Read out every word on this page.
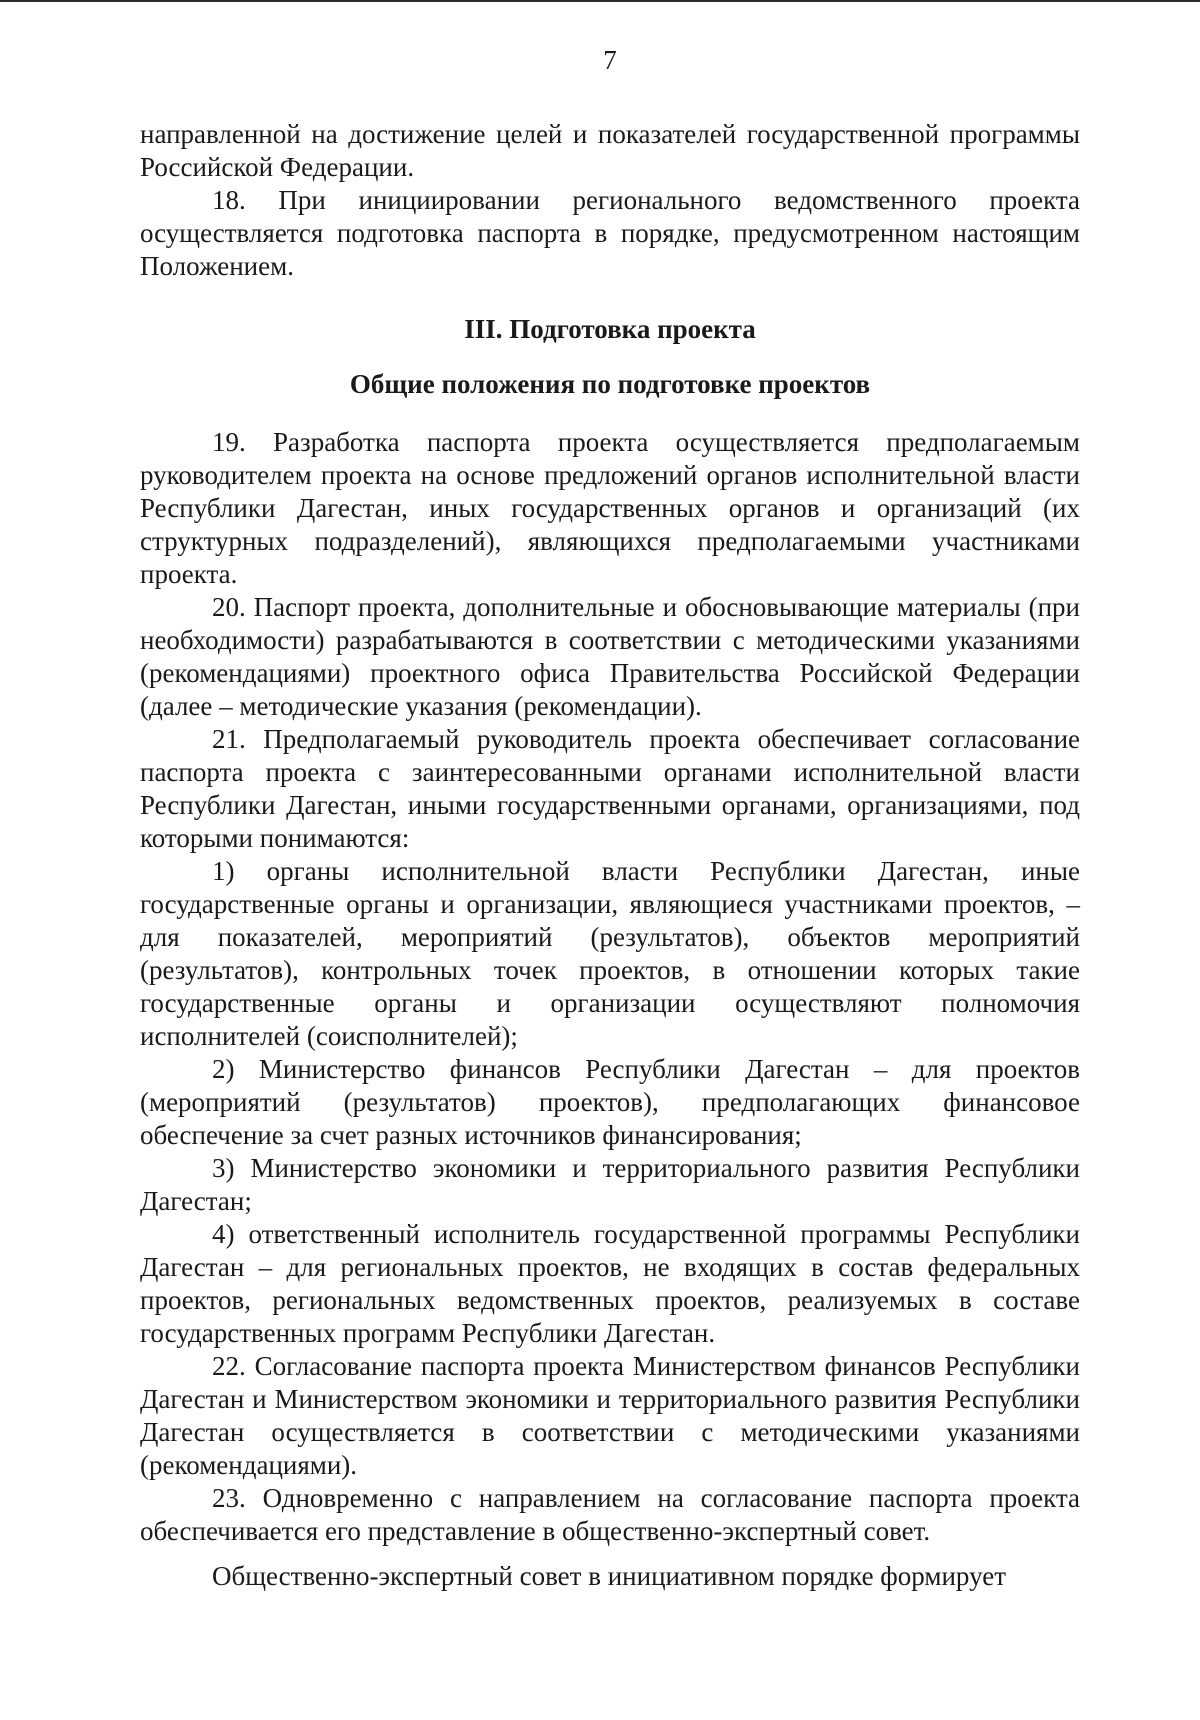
7

направленной на достижение целей и показателей государственной программы Российской Федерации.

18. При инициировании регионального ведомственного проекта осуществляется подготовка паспорта в порядке, предусмотренном настоящим Положением.

III. Подготовка проекта
Общие положения по подготовке проектов

19. Разработка паспорта проекта осуществляется предполагаемым руководителем проекта на основе предложений органов исполнительной власти Республики Дагестан, иных государственных органов и организаций (их структурных подразделений), являющихся предполагаемыми участниками проекта.

20. Паспорт проекта, дополнительные и обосновывающие материалы (при необходимости) разрабатываются в соответствии с методическими указаниями (рекомендациями) проектного офиса Правительства Российской Федерации (далее – методические указания (рекомендации).

21. Предполагаемый руководитель проекта обеспечивает согласование паспорта проекта с заинтересованными органами исполнительной власти Республики Дагестан, иными государственными органами, организациями, под которыми понимаются:

1) органы исполнительной власти Республики Дагестан, иные государственные органы и организации, являющиеся участниками проектов, – для показателей, мероприятий (результатов), объектов мероприятий (результатов), контрольных точек проектов, в отношении которых такие государственные органы и организации осуществляют полномочия исполнителей (соисполнителей);

2) Министерство финансов Республики Дагестан – для проектов (мероприятий (результатов) проектов), предполагающих финансовое обеспечение за счет разных источников финансирования;

3) Министерство экономики и территориального развития Республики Дагестан;

4) ответственный исполнитель государственной программы Республики Дагестан – для региональных проектов, не входящих в состав федеральных проектов, региональных ведомственных проектов, реализуемых в составе государственных программ Республики Дагестан.

22. Согласование паспорта проекта Министерством финансов Республики Дагестан и Министерством экономики и территориального развития Республики Дагестан осуществляется в соответствии с методическими указаниями (рекомендациями).

23. Одновременно с направлением на согласование паспорта проекта обеспечивается его представление в общественно-экспертный совет.

Общественно-экспертный совет в инициативном порядке формирует
